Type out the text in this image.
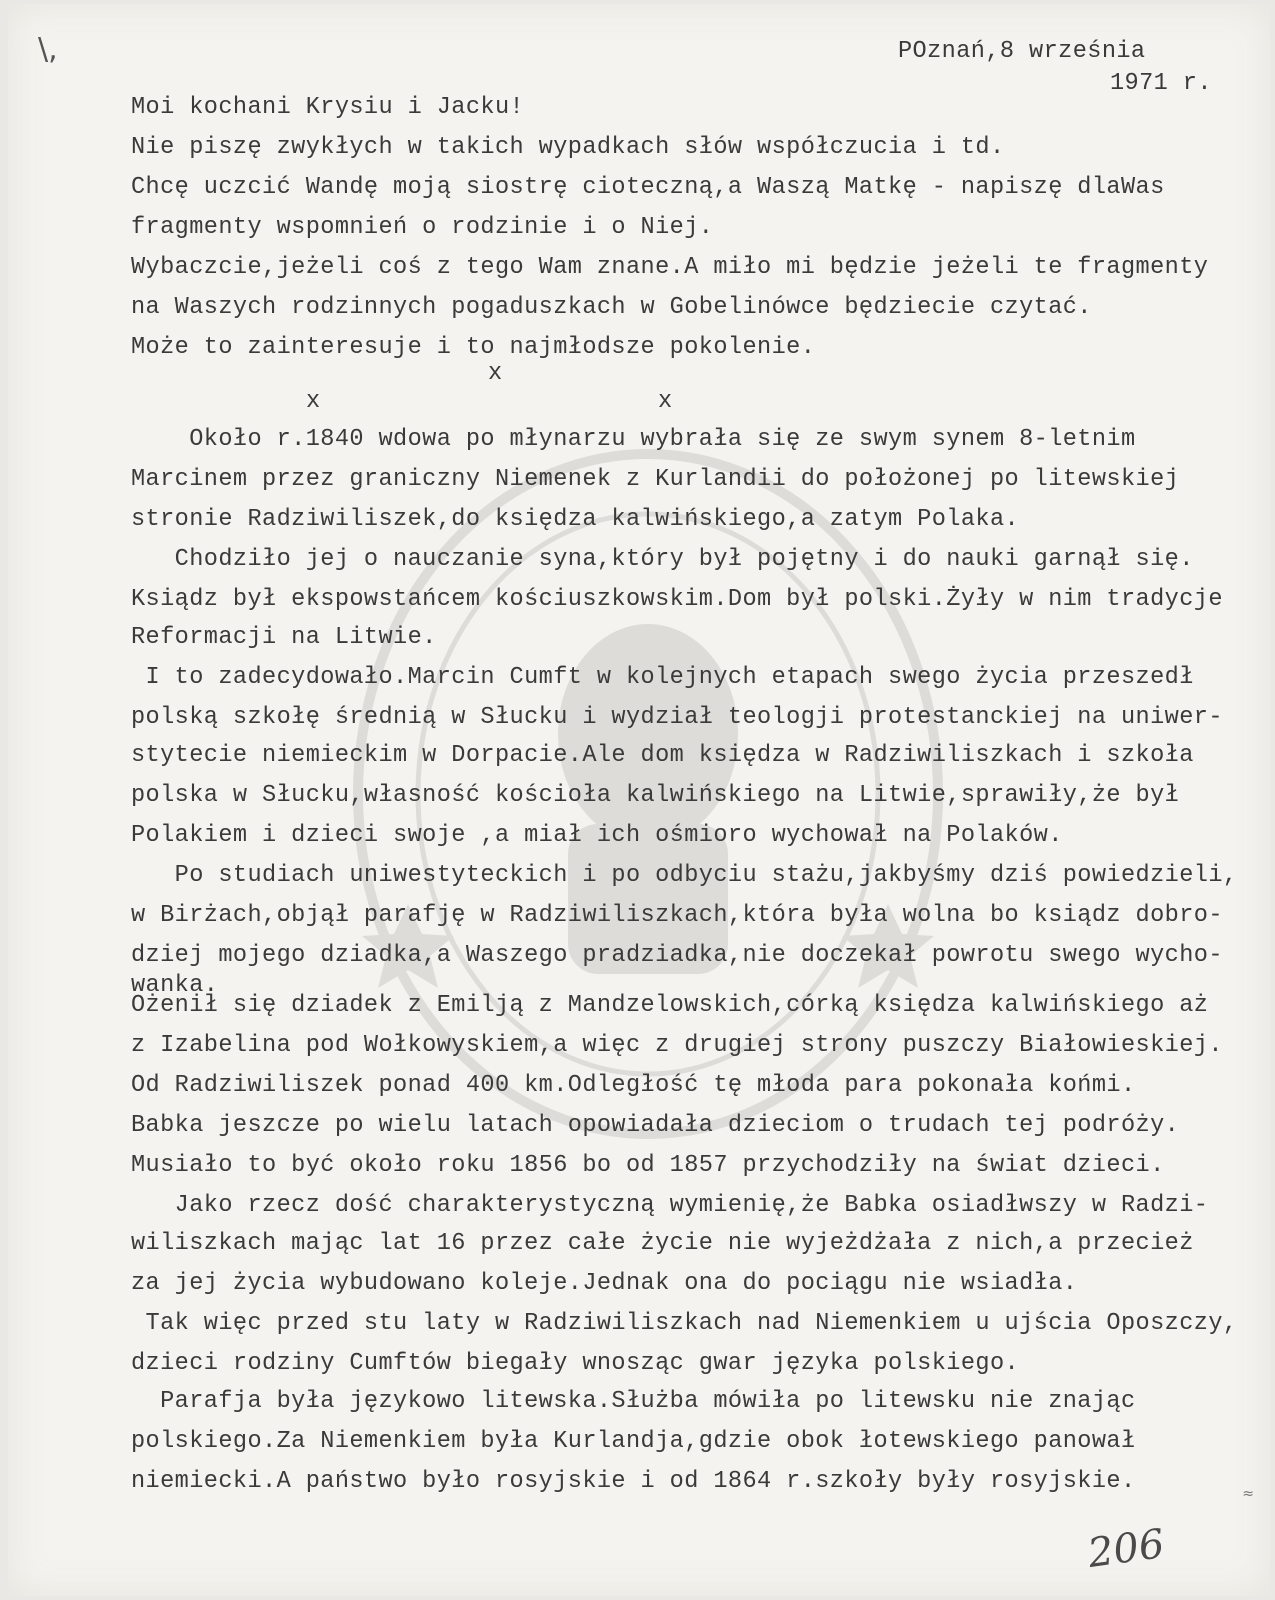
\,	POznań,8 września
1971 r.
Moi kochani Krysiu i Jacku!
Nie piszę zwykłych w takich wypadkach słów współczucia i td.
Chcę uczcić Wandę moją siostrę cioteczną,a Waszą Matkę - napiszę dlaWas
fragmenty wspomnień o rodzinie i o Niej.
Wybaczcie,jeżeli coś z tego Wam znane.A miło mi będzie jeżeli te fragmenty
na Waszych rodzinnych pogaduszkach w Gobelinówce będziecie czytać.
Może to zainteresuje i to najmłodsze pokolenie.
x
x	x
Około r.1840 wdowa po młynarzu wybrała się ze swym synem 8-letnim
Marcinem przez graniczny Niemenek z Kurlandii do położonej po litewskiej
stronie Radziwiliszek,do księdza kalwińskiego,a zatym Polaka.
Chodziło jej o nauczanie syna,który był pojętny i do nauki garnął się.
Ksiądz był ekspowstańcem kościuszkowskim.Dom był polski.Żyły w nim tradycje
Reformacji na Litwie.
I to zadecydowało.Marcin Cumft w kolejnych etapach swego życia przeszedł
polską szkołę średnią w Słucku i wydział teologji protestanckiej na uniwer-
stytecie niemieckim w Dorpacie.Ale dom księdza w Radziwiliszkach i szkoła
polska w Słucku,własność kościoła kalwińskiego na Litwie,sprawiły,że był
Polakiem i dzieci swoje ,a miał ich ośmioro wychował na Polaków.
Po studiach uniwestyteckich i po odbyciu stażu,jakbyśmy dziś powiedzieli,
w Birżach,objął parafję w Radziwiliszkach,która była wolna bo ksiądz dobro-
dziej mojego dziadka,a Waszego pradziadka,nie doczekał powrotu swego wycho-
wanka.
Ożenił się dziadek z Emilją z Mandzelowskich,córką księdza kalwińskiego aż
z Izabelina pod Wołkowyskiem,a więc z drugiej strony puszczy Białowieskiej.
Od Radziwiliszek ponad 400 km.Odległość tę młoda para pokonała końmi.
Babka jeszcze po wielu latach opowiadała dzieciom o trudach tej podróży.
Musiało to być około roku 1856 bo od 1857 przychodziły na świat dzieci.
Jako rzecz dość charakterystyczną wymienię,że Babka osiadłwszy w Radzi-
wiliszkach mając lat 16 przez całe życie nie wyjeżdżała z nich,a przecież
za jej życia wybudowano koleje.Jednak ona do pociągu nie wsiadła.
Tak więc przed stu laty w Radziwiliszkach nad Niemenkiem u ujścia Oposzczy,
dzieci rodziny Cumftów biegały wnosząc gwar języka polskiego.
Parafja była językowo litewska.Służba mówiła po litewsku nie znając
polskiego.Za Niemenkiem była Kurlandja,gdzie obok łotewskiego panował
niemiecki.A państwo było rosyjskie i od 1864 r.szkoły były rosyjskie.	≈
206
